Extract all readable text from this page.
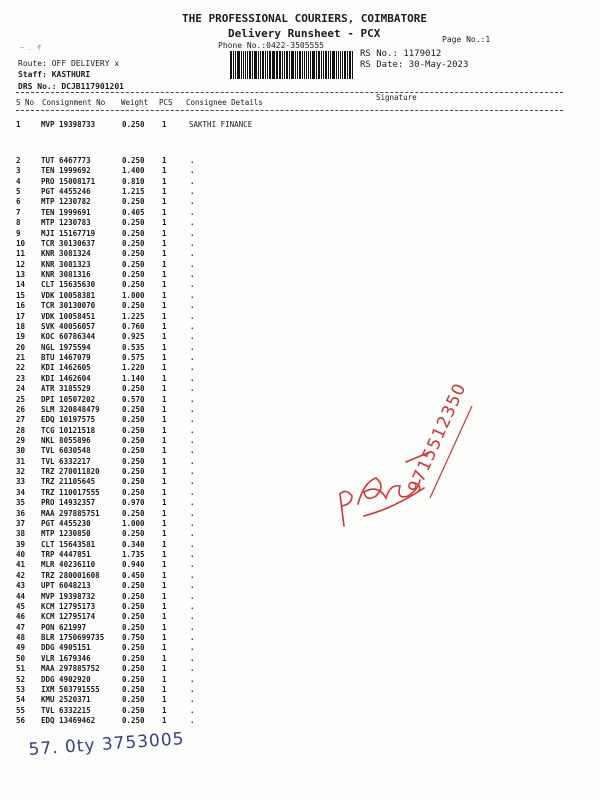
THE PROFESSIONAL COURIERS, COIMBATORE
Delivery Runsheet - PCX
Phone No.:0422-3505555
Page No.:1
RS No.: 1179012
RS Date: 30-May-2023
~ . ₹
Route: OFF DELIVERY x
Staff: KASTHURI
DRS No.: DCJB117901201
Signature
S No Consignment No Weight PCS Consignee Details
1	MVP 19398733	0.250 1	SAKTHI FINANCE
2	TUT 6467773	0.250 1	.
3	TEN 1999692	1.400 1	.
4	PRO 15008171	0.810 1	.
5	PGT 4455246	1.215 1	.
6	MTP 1230782	0.250 1	.
7	TEN 1999691	0.405 1	.
8	MTP 1230783	0.250 1	.
9	MJI 15167719	0.250 1	.
10 TCR 30130637	0.250 1	.
11 KNR 3081324	0.250 1	.
12 KNR 3081323	0.250 1	.
13 KNR 3081316	0.250 1	.
14 CLT 15635630	0.250 1	.
15 VDK 10058381	1.000 1	.
16 TCR 30130070	0.250 1	.
17 VDK 10058451	1.225 1	.
18 SVK 40056057	0.760 1	.
19 KOC 60786344	0.925 1	.
20 NGL 1975594	0.535 1	.
21 BTU 1467079	0.575 1	.
22 KDI 1462605	1.220 1	.
23 KDI 1462604	1.140 1	.
24 ATR 3185529	0.250 1	.
25 DPI 10507202	0.570 1	.
26 SLM 320848479	0.250 1	.
27 EDQ 10197575	0.250 1	.
28 TCG 10121518	0.250 1	.
29 NKL 8055896	0.250 1	.
30 TVL 6030548	0.250 1	.
31 TVL 6332217	0.250 1	.
32 TRZ 270011820	0.250 1	.
33 TRZ 21105645	0.250 1	.
34 TRZ 110017555	0.250 1	.
35 PRO 14932357	0.970 1	.
36 MAA 297885751	0.250 1	.
37 PGT 4455230	1.000 1	.
38 MTP 1230850	0.250 1	.
39 CLT 15643581	0.340 1	.
40 TRP 4447851	1.735 1	.
41 MLR 40236110	0.940 1	.
42 TRZ 280001608	0.450 1	.
43 UPT 6048213	0.250 1	.
44 MVP 19398732	0.250 1	.
45 KCM 12795173	0.250 1	.
46 KCM 12795174	0.250 1	.
47 PON 621997	0.250 1	.
48 BLR 1750699735 0.750 1	.
49 DDG 4905151	0.250 1	.
50 VLR 1679346	0.250 1	.
51 MAA 297885752	0.250 1	.
52 DDG 4902920	0.250 1	.
53 IXM 503791555	0.250 1	.
54 KMU 2520371	0.250 1	.
55 TVL 6332215	0.250 1	.
56 EDQ 13469462	0.250 1	.
9715512350
57. 0ty 3753005
